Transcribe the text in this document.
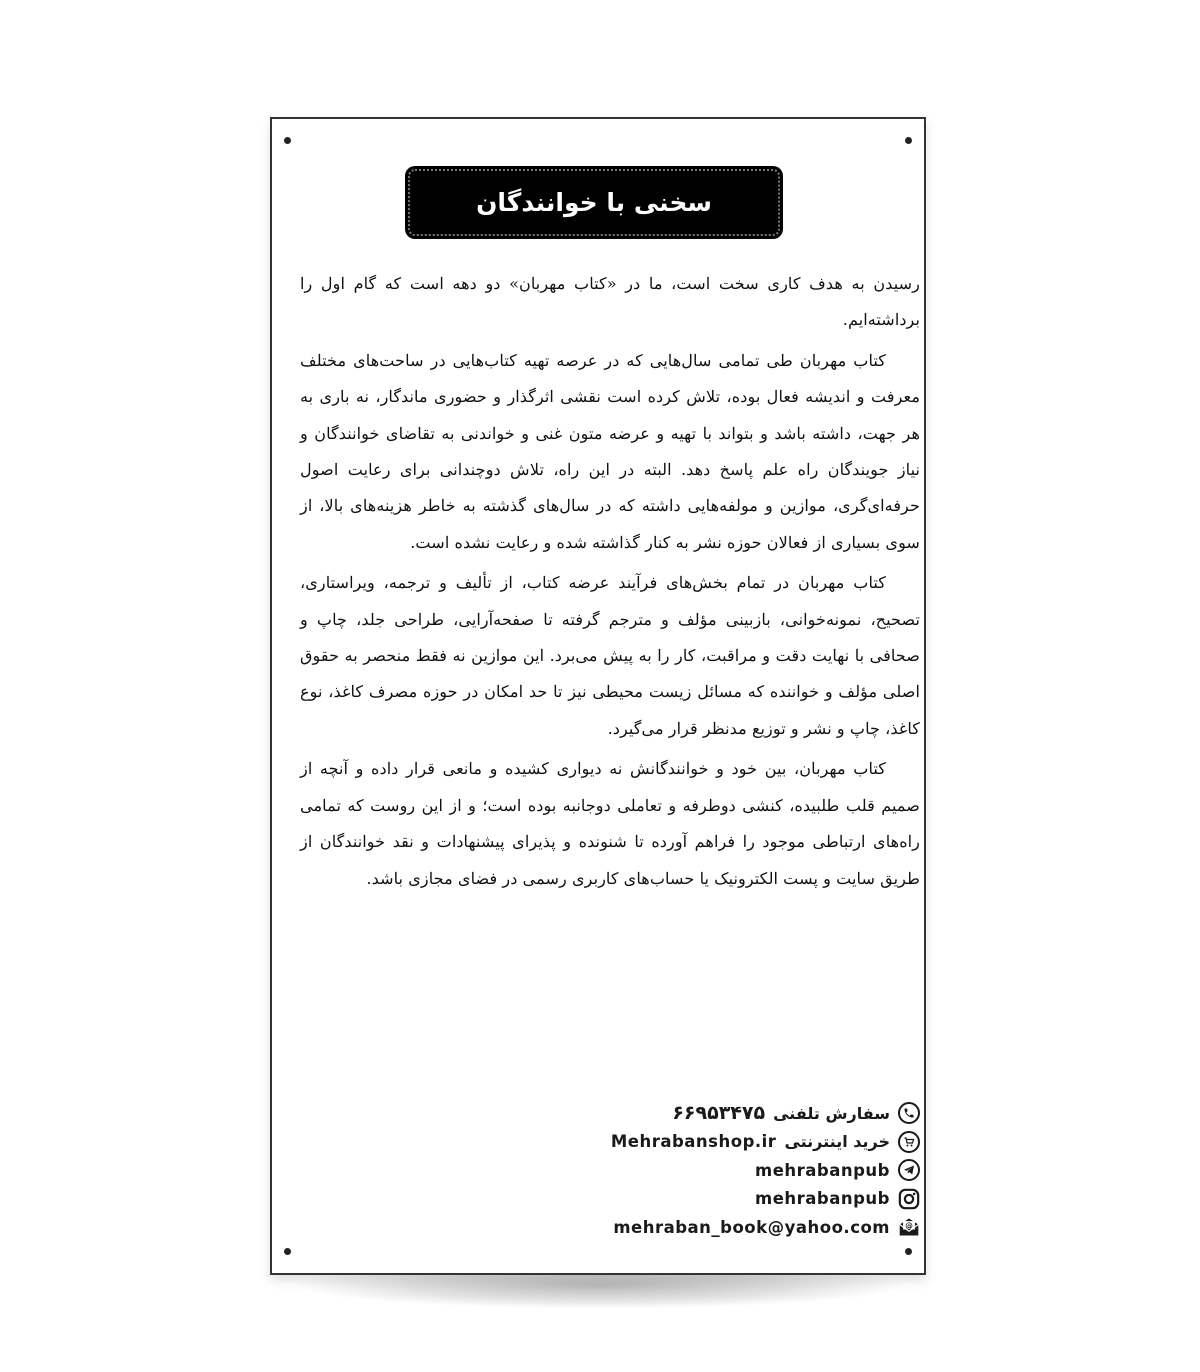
سخنی با خوانندگان

رسیدن به هدف کاری سخت است، ما در «کتاب مهربان» دو دهه است که گام اول را برداشته‌ایم.

کتاب مهربان طی تمامی سال‌هایی که در عرصه تهیه کتاب‌هایی در ساحت‌های مختلف معرفت و اندیشه فعال بوده، تلاش کرده است نقشی اثرگذار و حضوری ماندگار، نه باری به هر جهت، داشته باشد و بتواند با تهیه و عرضه متون غنی و خواندنی به تقاضای خوانندگان و نیاز جویندگان راه علم پاسخ دهد. البته در این راه، تلاش دوچندانی برای رعایت اصول حرفه‌ای‌گری، موازین و مولفه‌هایی داشته که در سال‌های گذشته به خاطر هزینه‌های بالا، از سوی بسیاری از فعالان حوزه نشر به کنار گذاشته شده و رعایت نشده است.

کتاب مهربان در تمام بخش‌های فرآیند عرضه کتاب، از تألیف و ترجمه، ویراستاری، تصحیح، نمونه‌خوانی، بازبینی مؤلف و مترجم گرفته تا صفحه‌آرایی، طراحی جلد، چاپ و صحافی با نهایت دقت و مراقبت، کار را به پیش می‌برد. این موازین نه فقط منحصر به حقوق اصلی مؤلف و خواننده که مسائل زیست محیطی نیز تا حد امکان در حوزه مصرف کاغذ، نوع کاغذ، چاپ و نشر و توزیع مدنظر قرار می‌گیرد.

کتاب مهربان، بین خود و خوانندگانش نه دیواری کشیده و مانعی قرار داده و آنچه از صمیم قلب طلبیده، کنشی دوطرفه و تعاملی دوجانبه بوده است؛ و از این روست که تمامی راه‌های ارتباطی موجود را فراهم آورده تا شنونده و پذیرای پیشنهادات و نقد خوانندگان از طریق سایت و پست الکترونیک یا حساب‌های کاربری رسمی در فضای مجازی باشد.

سفارش تلفنی
۶۶۹۵۳۴۷۵
خرید اینترنتی
Mehrabanshop.ir
mehrabanpub
mehrabanpub
@
mehraban_book@yahoo.com
